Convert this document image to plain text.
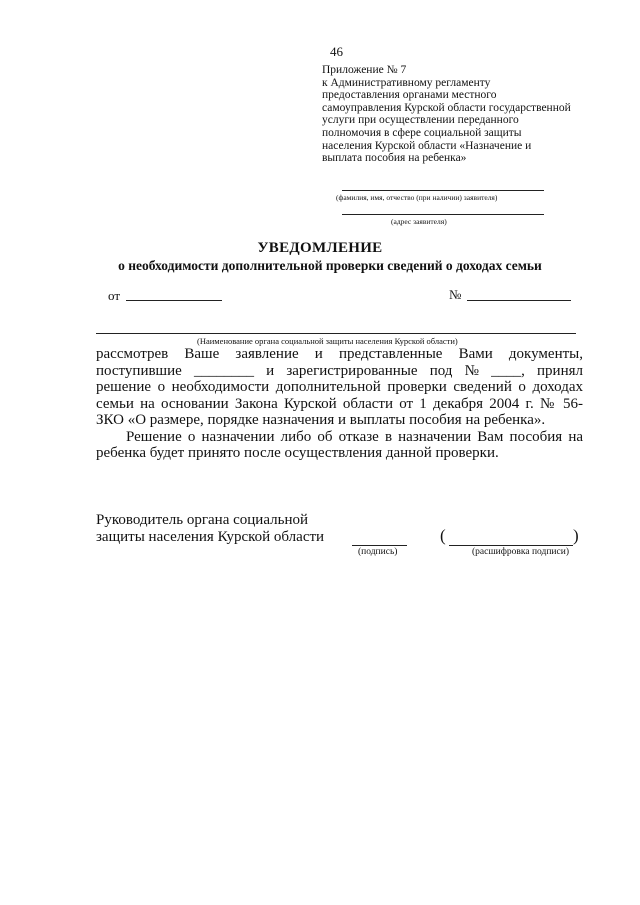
46
Приложение № 7
к Административному регламенту
предоставления органами местного
самоуправления Курской области государственной
услуги при осуществлении переданного
полномочия в сфере социальной защиты
населения Курской области «Назначение и
выплата пособия на ребенка»
(фамилия, имя, отчество (при наличии) заявителя)
(адрес заявителя)
УВЕДОМЛЕНИЕ
о необходимости дополнительной проверки сведений о доходах семьи
от	№
(Наименование органа социальной защиты населения Курской области)
рассмотрев Ваше заявление и представленные Вами документы,
поступившие ________ и зарегистрированные под № ____, принял

решение о необходимости дополнительной проверки сведений о доходах

семьи на основании Закона Курской области от 1 декабря 2004 г. № 56-

ЗКО «О размере, порядке назначения и выплаты пособия на ребенка».

Решение о назначении либо об отказе в назначении Вам пособия на

ребенка будет принято после осуществления данной проверки.

Руководитель органа социальной
защиты населения Курской области
(подпись)
(	)
(расшифровка подписи)
